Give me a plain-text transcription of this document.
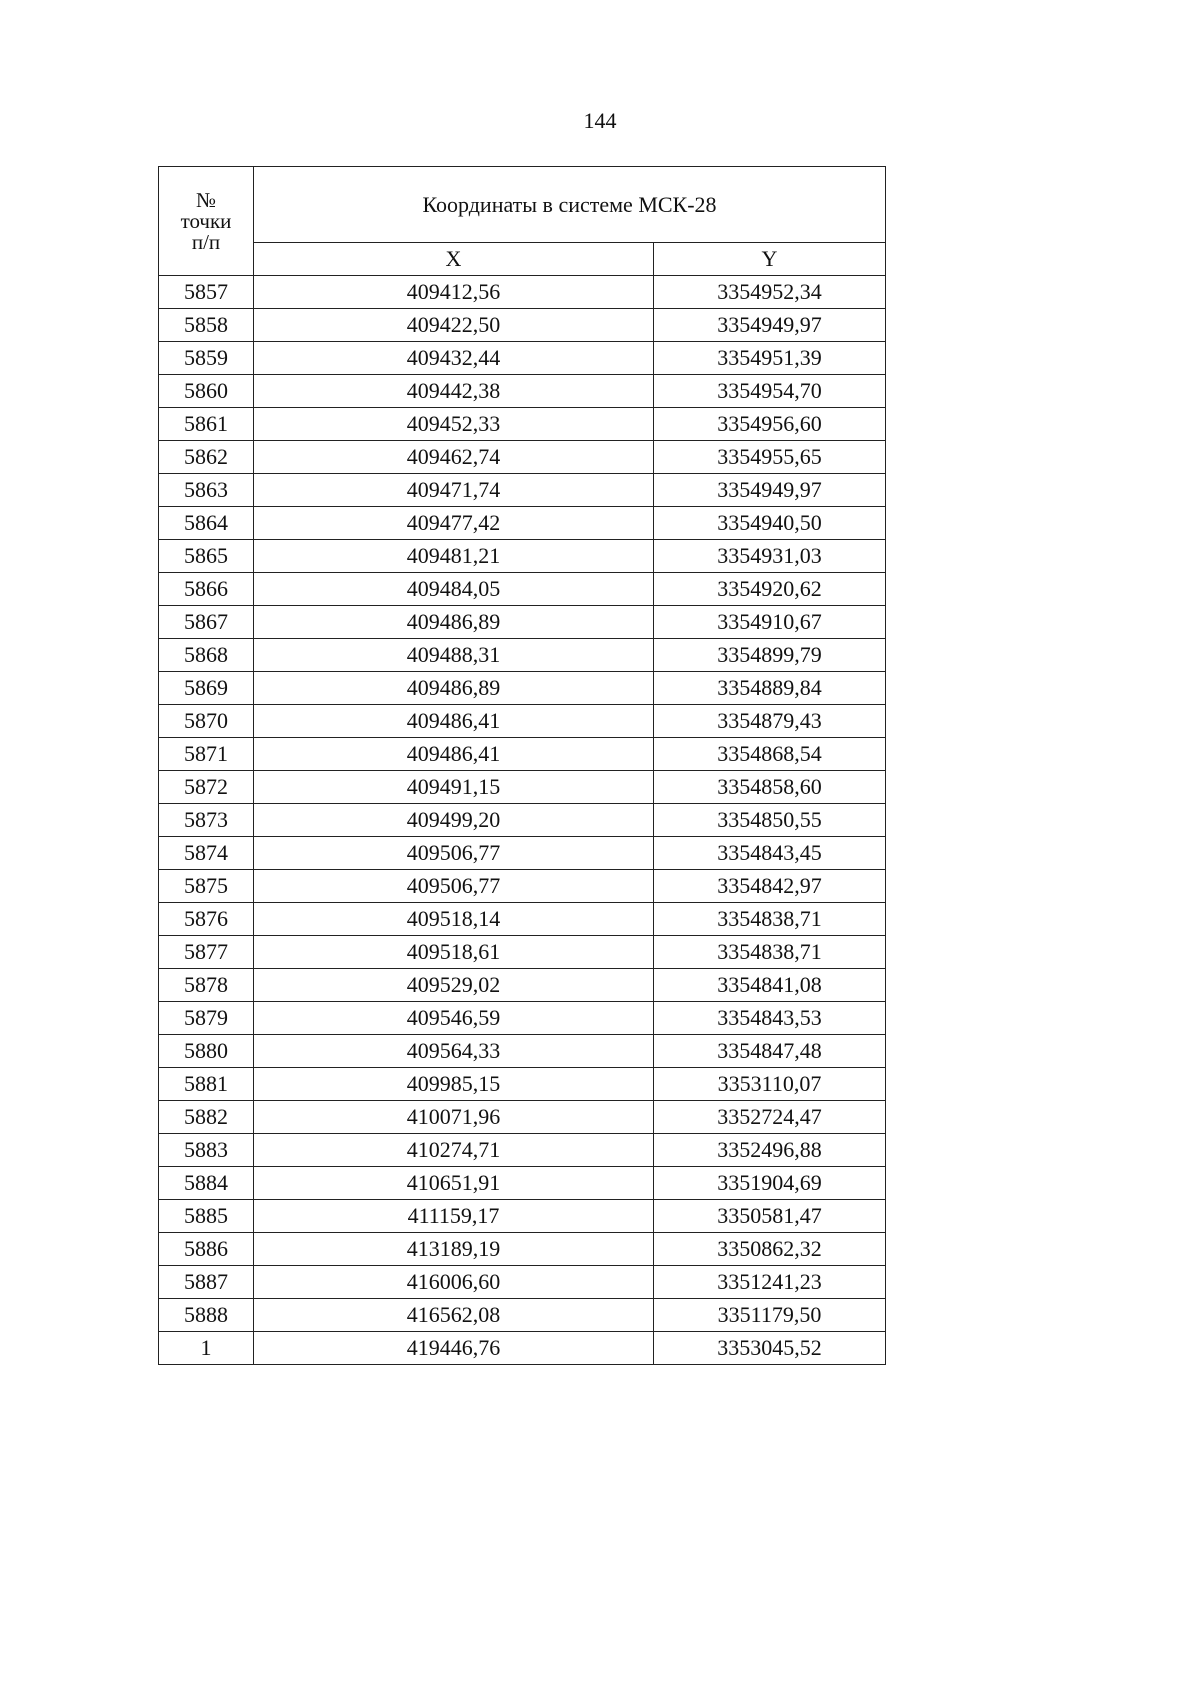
144
№
точки
п/п	Координаты в системе МСК-28	
	X	Y
5857	409412,56	3354952,34
5858	409422,50	3354949,97
5859	409432,44	3354951,39
5860	409442,38	3354954,70
5861	409452,33	3354956,60
5862	409462,74	3354955,65
5863	409471,74	3354949,97
5864	409477,42	3354940,50
5865	409481,21	3354931,03
5866	409484,05	3354920,62
5867	409486,89	3354910,67
5868	409488,31	3354899,79
5869	409486,89	3354889,84
5870	409486,41	3354879,43
5871	409486,41	3354868,54
5872	409491,15	3354858,60
5873	409499,20	3354850,55
5874	409506,77	3354843,45
5875	409506,77	3354842,97
5876	409518,14	3354838,71
5877	409518,61	3354838,71
5878	409529,02	3354841,08
5879	409546,59	3354843,53
5880	409564,33	3354847,48
5881	409985,15	3353110,07
5882	410071,96	3352724,47
5883	410274,71	3352496,88
5884	410651,91	3351904,69
5885	411159,17	3350581,47
5886	413189,19	3350862,32
5887	416006,60	3351241,23
5888	416562,08	3351179,50
1	419446,76	3353045,52
